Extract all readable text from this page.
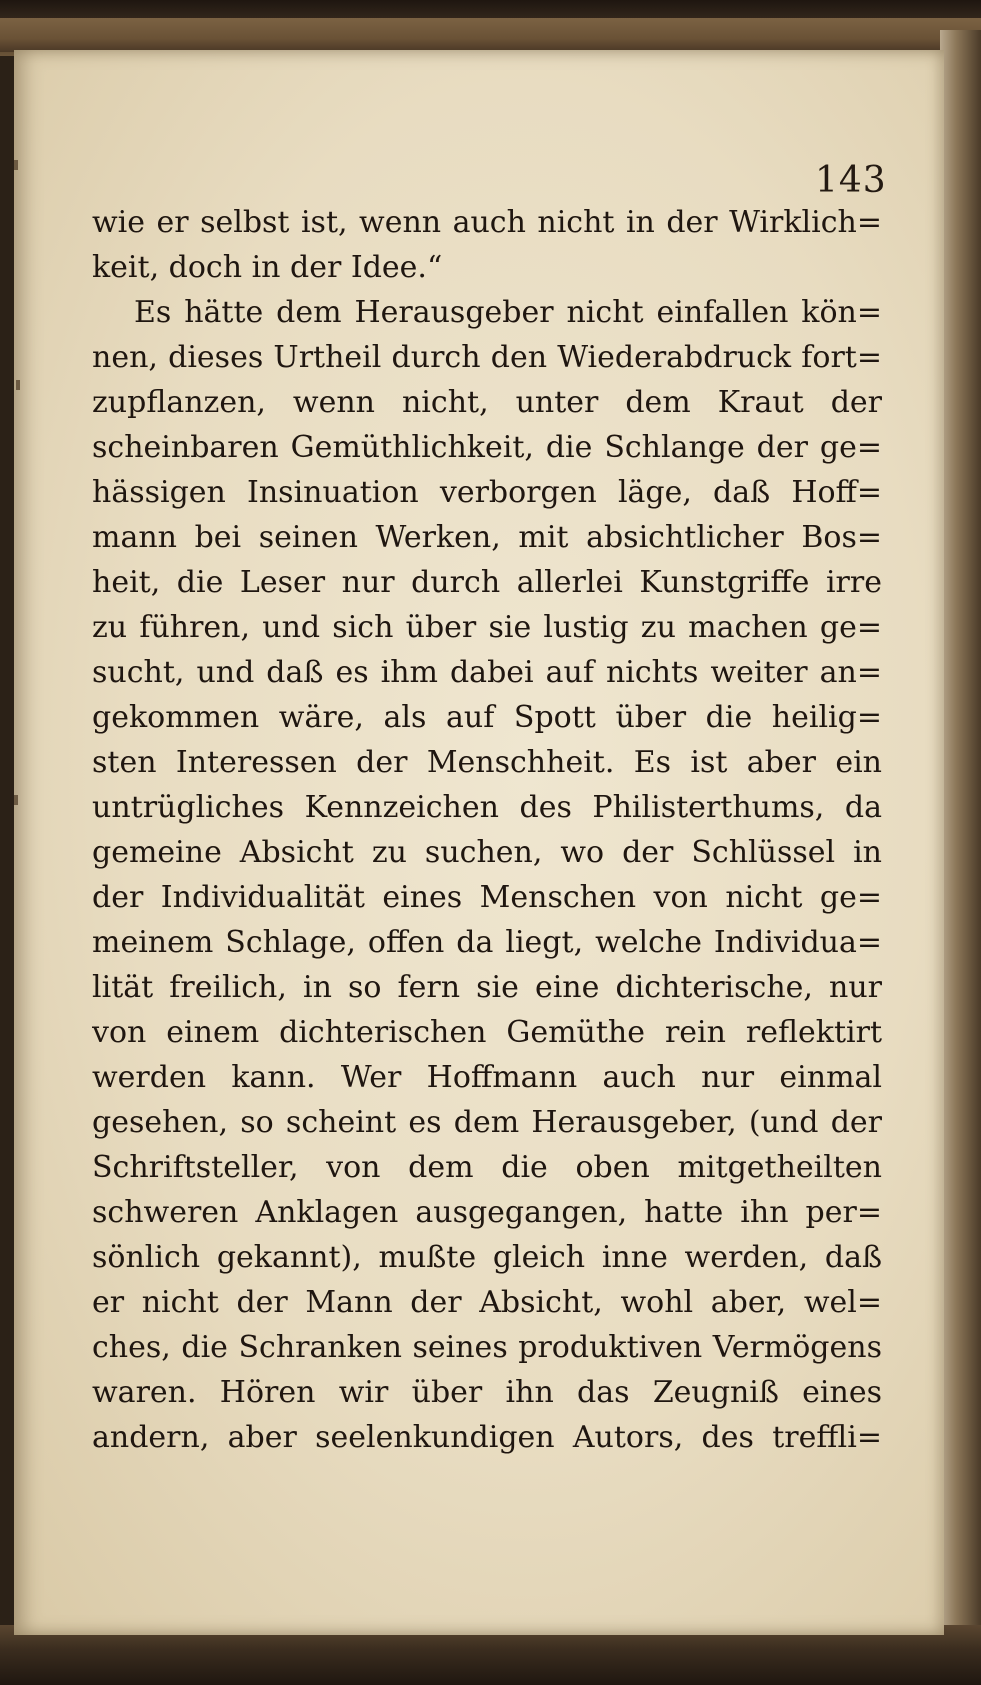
143
wie er selbst ist, wenn auch nicht in der Wirklich=
keit, doch in der Idee.“
Es hätte dem Herausgeber nicht einfallen kön=
nen, dieses Urtheil durch den Wiederabdruck fort=
zupflanzen, wenn nicht, unter dem Kraut der
scheinbaren Gemüthlichkeit, die Schlange der ge=
hässigen Insinuation verborgen läge, daß Hoff=
mann bei seinen Werken, mit absichtlicher Bos=
heit, die Leser nur durch allerlei Kunstgriffe irre
zu führen, und sich über sie lustig zu machen ge=
sucht, und daß es ihm dabei auf nichts weiter an=
gekommen wäre, als auf Spott über die heilig=
sten Interessen der Menschheit. Es ist aber ein
untrügliches Kennzeichen des Philisterthums, da
gemeine Absicht zu suchen, wo der Schlüssel in
der Individualität eines Menschen von nicht ge=
meinem Schlage, offen da liegt, welche Individua=
lität freilich, in so fern sie eine dichterische, nur
von einem dichterischen Gemüthe rein reflektirt
werden kann. Wer Hoffmann auch nur einmal
gesehen, so scheint es dem Herausgeber, (und der
Schriftsteller, von dem die oben mitgetheilten
schweren Anklagen ausgegangen, hatte ihn per=
sönlich gekannt), mußte gleich inne werden, daß
er nicht der Mann der Absicht, wohl aber, wel=
ches, die Schranken seines produktiven Vermögens
waren. Hören wir über ihn das Zeugniß eines
andern, aber seelenkundigen Autors, des treffli=
